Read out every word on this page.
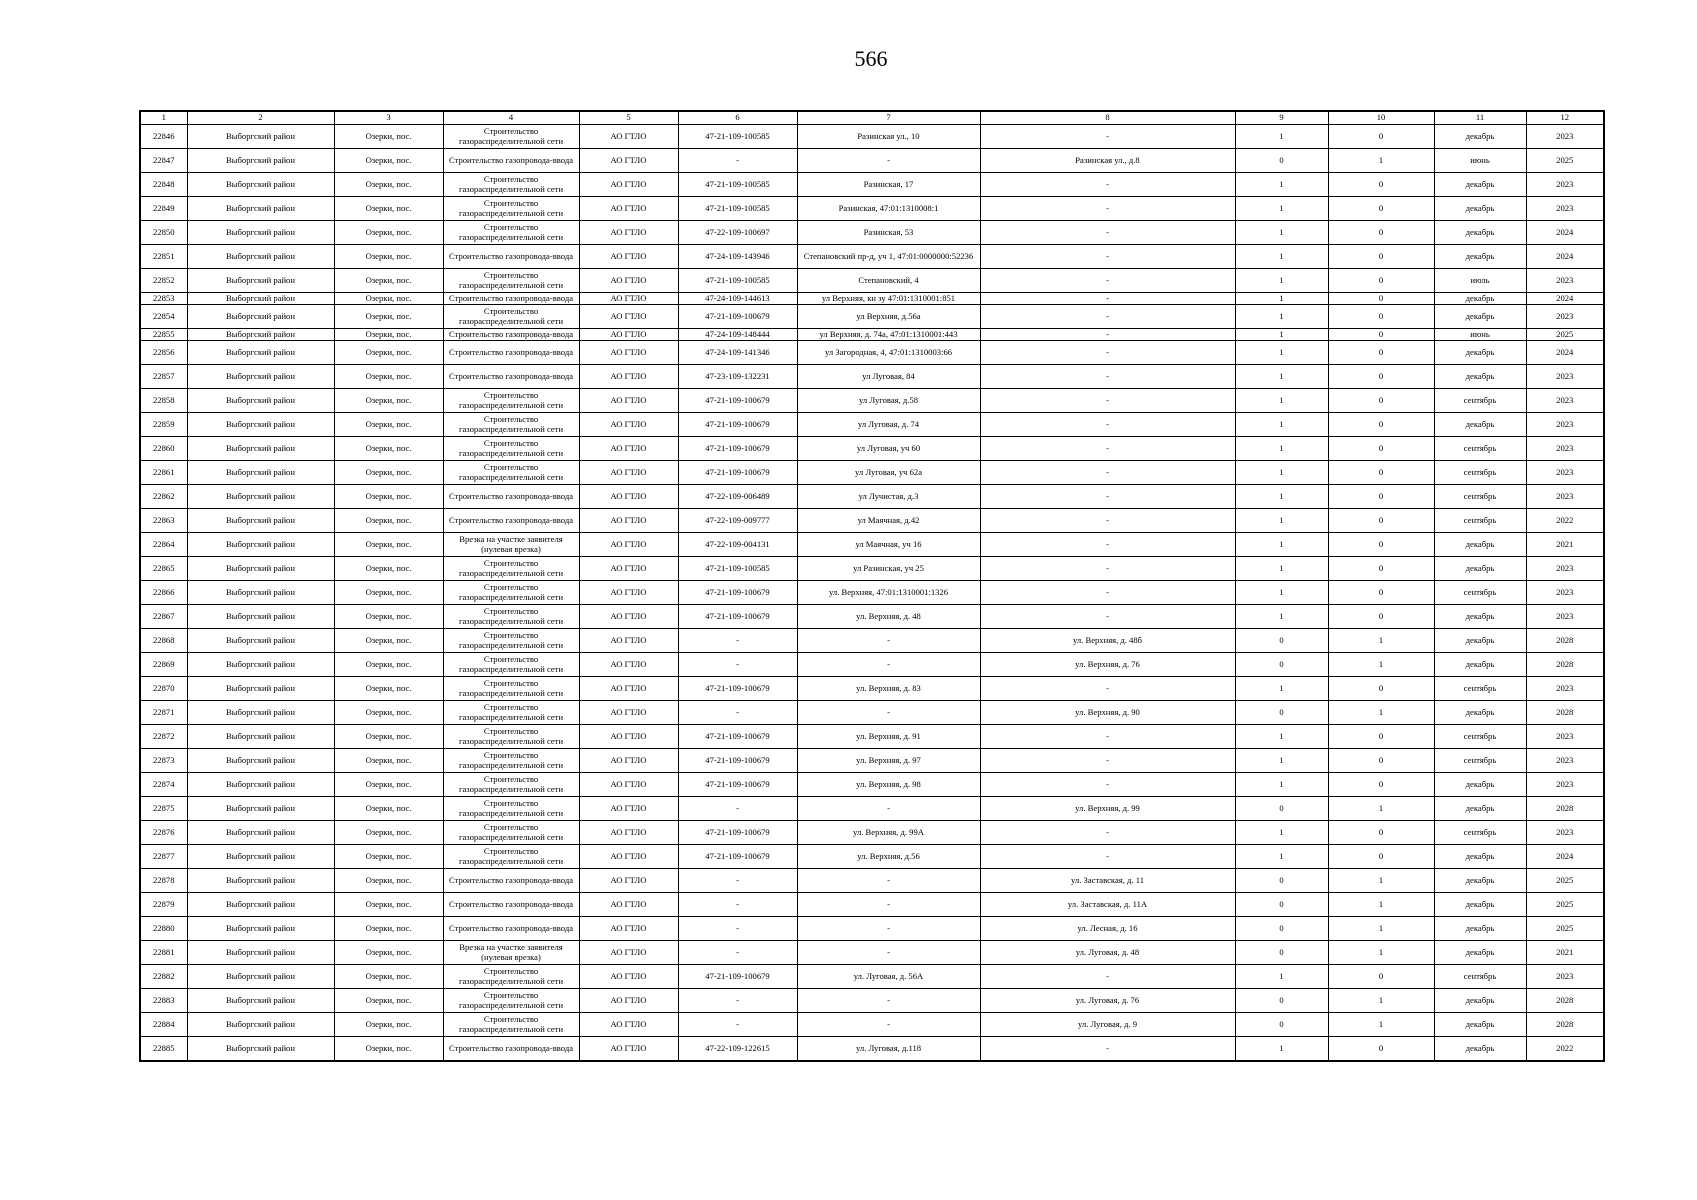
566
1	2	3	4	5	6	7	8	9	10	11	12
22846	Выборгский район	Озерки, пос.	Строительство газораспределительной сети	АО ГТЛО	47-21-109-100585	Разинская ул., 10	-	1	0	декабрь	2023
22847	Выборгский район	Озерки, пос.	Строительство газопровода-ввода	АО ГТЛО	-	-	Разинская ул., д.8	0	1	июнь	2025
22848	Выборгский район	Озерки, пос.	Строительство газораспределительной сети	АО ГТЛО	47-21-109-100585	Разинская, 17	-	1	0	декабрь	2023
22849	Выборгский район	Озерки, пос.	Строительство газораспределительной сети	АО ГТЛО	47-21-109-100585	Разинская, 47:01:1310008:1	-	1	0	декабрь	2023
22850	Выборгский район	Озерки, пос.	Строительство газораспределительной сети	АО ГТЛО	47-22-109-100697	Разинская, 53	-	1	0	декабрь	2024
22851	Выборгский район	Озерки, пос.	Строительство газопровода-ввода	АО ГТЛО	47-24-109-143946	Степановский пр-д, уч 1, 47:01:0000000:52236	-	1	0	декабрь	2024
22852	Выборгский район	Озерки, пос.	Строительство газораспределительной сети	АО ГТЛО	47-21-109-100585	Степановский, 4	-	1	0	июль	2023
22853	Выборгский район	Озерки, пос.	Строительство газопровода-ввода	АО ГТЛО	47-24-109-144613	ул Верхняя, кн зу 47:01:1310001:851	-	1	0	декабрь	2024
22854	Выборгский район	Озерки, пос.	Строительство газораспределительной сети	АО ГТЛО	47-21-109-100679	ул Верхняя, д.56а	-	1	0	декабрь	2023
22855	Выборгский район	Озерки, пос.	Строительство газопровода-ввода	АО ГТЛО	47-24-109-148444	ул Верхняя, д. 74а, 47:01:1310001:443	-	1	0	июнь	2025
22856	Выборгский район	Озерки, пос.	Строительство газопровода-ввода	АО ГТЛО	47-24-109-141346	ул Загородная, 4, 47:01:1310003:66	-	1	0	декабрь	2024
22857	Выборгский район	Озерки, пос.	Строительство газопровода-ввода	АО ГТЛО	47-23-109-132231	ул Луговая, 84	-	1	0	декабрь	2023
22858	Выборгский район	Озерки, пос.	Строительство газораспределительной сети	АО ГТЛО	47-21-109-100679	ул Луговая, д.58	-	1	0	сентябрь	2023
22859	Выборгский район	Озерки, пос.	Строительство газораспределительной сети	АО ГТЛО	47-21-109-100679	ул Луговая, д. 74	-	1	0	декабрь	2023
22860	Выборгский район	Озерки, пос.	Строительство газораспределительной сети	АО ГТЛО	47-21-109-100679	ул Луговая, уч 60	-	1	0	сентябрь	2023
22861	Выборгский район	Озерки, пос.	Строительство газораспределительной сети	АО ГТЛО	47-21-109-100679	ул Луговая, уч 62а	-	1	0	сентябрь	2023
22862	Выборгский район	Озерки, пос.	Строительство газопровода-ввода	АО ГТЛО	47-22-109-006489	ул Лучистая, д.3	-	1	0	сентябрь	2023
22863	Выборгский район	Озерки, пос.	Строительство газопровода-ввода	АО ГТЛО	47-22-109-009777	ул Маячная, д.42	-	1	0	сентябрь	2022
22864	Выборгский район	Озерки, пос.	Врезка на участке заявителя (нулевая врезка)	АО ГТЛО	47-22-109-004131	ул Маячная, уч 16	-	1	0	декабрь	2021
22865	Выборгский район	Озерки, пос.	Строительство газораспределительной сети	АО ГТЛО	47-21-109-100585	ул Разинская, уч 25	-	1	0	декабрь	2023
22866	Выборгский район	Озерки, пос.	Строительство газораспределительной сети	АО ГТЛО	47-21-109-100679	ул. Верхняя, 47:01:1310001:1326	-	1	0	сентябрь	2023
22867	Выборгский район	Озерки, пос.	Строительство газораспределительной сети	АО ГТЛО	47-21-109-100679	ул. Верхняя, д. 48	-	1	0	декабрь	2023
22868	Выборгский район	Озерки, пос.	Строительство газораспределительной сети	АО ГТЛО	-	-	ул. Верхняя, д. 48б	0	1	декабрь	2028
22869	Выборгский район	Озерки, пос.	Строительство газораспределительной сети	АО ГТЛО	-	-	ул. Верхняя, д. 76	0	1	декабрь	2028
22870	Выборгский район	Озерки, пос.	Строительство газораспределительной сети	АО ГТЛО	47-21-109-100679	ул. Верхняя, д. 83	-	1	0	сентябрь	2023
22871	Выборгский район	Озерки, пос.	Строительство газораспределительной сети	АО ГТЛО	-	-	ул. Верхняя, д. 90	0	1	декабрь	2028
22872	Выборгский район	Озерки, пос.	Строительство газораспределительной сети	АО ГТЛО	47-21-109-100679	ул. Верхняя, д. 91	-	1	0	сентябрь	2023
22873	Выборгский район	Озерки, пос.	Строительство газораспределительной сети	АО ГТЛО	47-21-109-100679	ул. Верхняя, д. 97	-	1	0	сентябрь	2023
22874	Выборгский район	Озерки, пос.	Строительство газораспределительной сети	АО ГТЛО	47-21-109-100679	ул. Верхняя, д. 98	-	1	0	декабрь	2023
22875	Выборгский район	Озерки, пос.	Строительство газораспределительной сети	АО ГТЛО	-	-	ул. Верхняя, д. 99	0	1	декабрь	2028
22876	Выборгский район	Озерки, пос.	Строительство газораспределительной сети	АО ГТЛО	47-21-109-100679	ул. Верхняя, д. 99А	-	1	0	сентябрь	2023
22877	Выборгский район	Озерки, пос.	Строительство газораспределительной сети	АО ГТЛО	47-21-109-100679	ул. Верхняя, д.56	-	1	0	декабрь	2024
22878	Выборгский район	Озерки, пос.	Строительство газопровода-ввода	АО ГТЛО	-	-	ул. Заставская, д. 11	0	1	декабрь	2025
22879	Выборгский район	Озерки, пос.	Строительство газопровода-ввода	АО ГТЛО	-	-	ул. Заставская, д. 11А	0	1	декабрь	2025
22880	Выборгский район	Озерки, пос.	Строительство газопровода-ввода	АО ГТЛО	-	-	ул. Лесная, д. 16	0	1	декабрь	2025
22881	Выборгский район	Озерки, пос.	Врезка на участке заявителя (нулевая врезка)	АО ГТЛО	-	-	ул. Луговая, д. 48	0	1	декабрь	2021
22882	Выборгский район	Озерки, пос.	Строительство газораспределительной сети	АО ГТЛО	47-21-109-100679	ул. Луговая, д. 56А	-	1	0	сентябрь	2023
22883	Выборгский район	Озерки, пос.	Строительство газораспределительной сети	АО ГТЛО	-	-	ул. Луговая, д. 76	0	1	декабрь	2028
22884	Выборгский район	Озерки, пос.	Строительство газораспределительной сети	АО ГТЛО	-	-	ул. Луговая, д. 9	0	1	декабрь	2028
22885	Выборгский район	Озерки, пос.	Строительство газопровода-ввода	АО ГТЛО	47-22-109-122615	ул. Луговая, д.118	-	1	0	декабрь	2022
